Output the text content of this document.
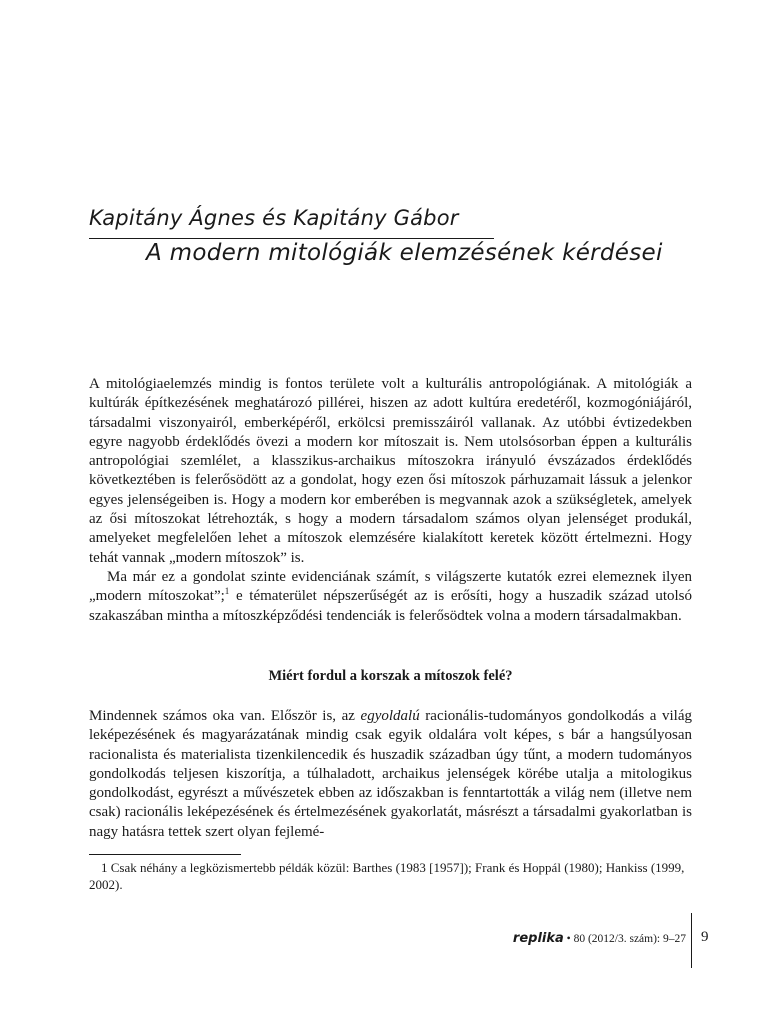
Kapitány Ágnes és Kapitány Gábor
A modern mitológiák elemzésének kérdései

A mitológiaelemzés mindig is fontos területe volt a kulturális antropológiának. A mitológiák a kultúrák építkezésének meghatározó pillérei, hiszen az adott kultúra eredetéről, kozmogóniájáról, társadalmi viszonyairól, emberképéről, erkölcsi premisszáiról vallanak. Az utóbbi évtizedekben egyre nagyobb érdeklődés övezi a modern kor mítoszait is. Nem utolsósorban éppen a kulturális antropológiai szemlélet, a klasszikus-archaikus mítoszokra irányuló évszázados érdeklődés következtében is felerősödött az a gondolat, hogy ezen ősi mítoszok párhuzamait lássuk a jelenkor egyes jelenségeiben is. Hogy a modern kor emberében is megvannak azok a szükségletek, amelyek az ősi mítoszokat létrehozták, s hogy a modern társadalom számos olyan jelenséget produkál, amelyeket megfelelően lehet a mítoszok elemzésére kialakított keretek között értelmezni. Hogy tehát vannak „modern mítoszok” is.

Ma már ez a gondolat szinte evidenciának számít, s világszerte kutatók ezrei elemeznek ilyen „modern mítoszokat”;$^1$ e tématerület népszerűségét az is erősíti, hogy a huszadik század utolsó szakaszában mintha a mítoszképződési tendenciák is felerősödtek volna a modern társadalmakban.

Miért fordul a korszak a mítoszok felé?

Mindennek számos oka van. Először is, az egyoldalú racionális-tudományos gondolkodás a világ leképezésének és magyarázatának mindig csak egyik oldalára volt képes, s bár a hangsúlyosan racionalista és materialista tizenkilencedik és huszadik században úgy tűnt, a modern tudományos gondolkodás teljesen kiszorítja, a túlhaladott, archaikus jelenségek körébe utalja a mitologikus gondolkodást, egyrészt a művészetek ebben az időszakban is fenntartották a világ nem (illetve nem csak) racionális leképezésének és értelmezésének gyakorlatát, másrészt a társadalmi gyakorlatban is nagy hatásra tettek szert olyan fejlemé-

1 Csak néhány a legközismertebb példák közül: Barthes (1983 [1957]); Frank és Hoppál (1980); Hankiss (1999, 2002).
replika • 80 (2012/3. szám): 9–27 9
